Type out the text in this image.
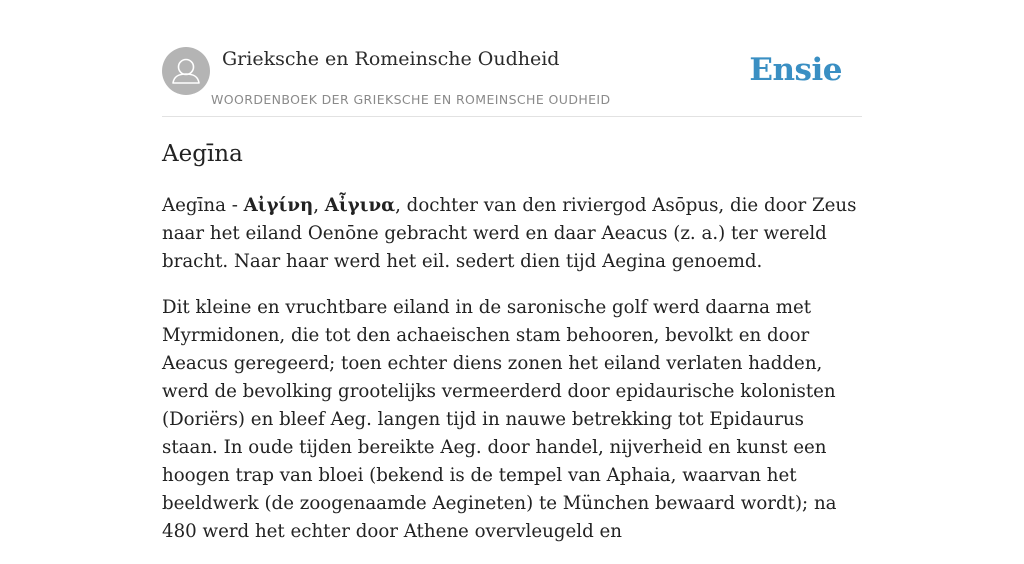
Grieksche en Romeinsche Oudheid
WOORDENBOEK DER GRIEKSCHE EN ROMEINSCHE OUDHEID
Ensie
Aegīna

Aegīna - Αἰγίνη, Αἶγινα, dochter van den riviergod Asōpus, die door Zeus naar het eiland Oenōne gebracht werd en daar Aeacus (z. a.) ter wereld bracht. Naar haar werd het eil. sedert dien tijd Aegina genoemd.

Dit kleine en vruchtbare eiland in de saronische golf werd daarna met Myrmidonen, die tot den achaeischen stam behooren, bevolkt en door Aeacus geregeerd; toen echter diens zonen het eiland verlaten hadden, werd de bevolking grootelijks vermeerderd door epidaurische kolonisten (Doriërs) en bleef Aeg. langen tijd in nauwe betrekking tot Epidaurus staan. In oude tijden bereikte Aeg. door handel, nijverheid en kunst een hoogen trap van bloei (bekend is de tempel van Aphaia, waarvan het beeldwerk (de zoogenaamde Aegineten) te München bewaard wordt); na 480 werd het echter door Athene overvleugeld en
